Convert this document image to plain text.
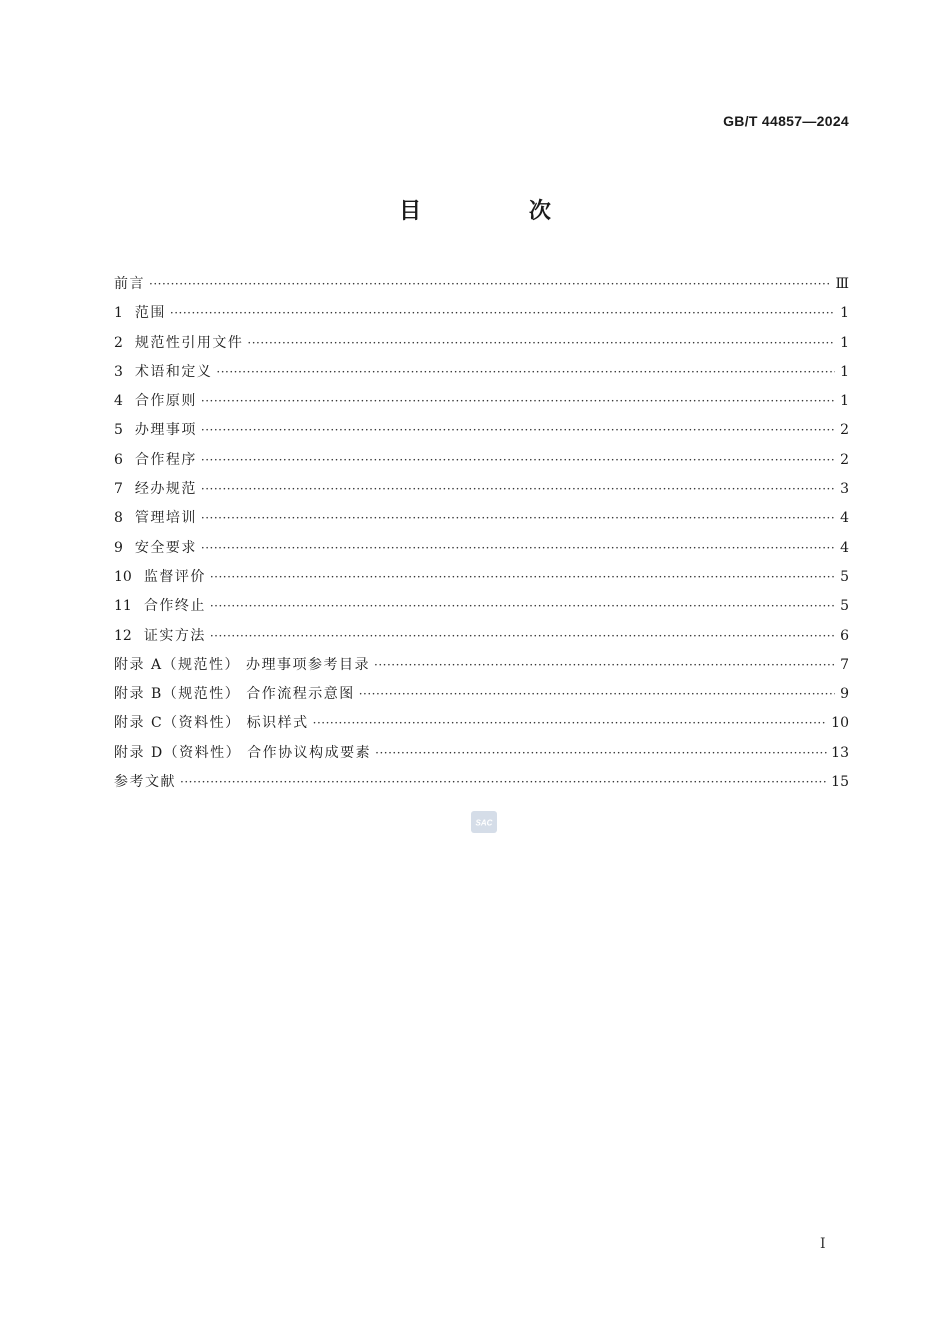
GB/T 44857—2024
目 次
前言 ·····	Ⅲ
1 范围 ·····	1
2 规范性引用文件 ·····	1
3 术语和定义 ·····	1
4 合作原则 ·····	1
5 办理事项 ·····	2
6 合作程序 ·····	2
7 经办规范 ·····	3
8 管理培训 ·····	4
9 安全要求 ·····	4
10 监督评价 ·····	5
11 合作终止 ·····	5
12 证实方法 ·····	6
附录 A（规范性） 办理事项参考目录 ·····	7
附录 B（规范性） 合作流程示意图 ·····	9
附录 C（资料性） 标识样式 ·····	10
附录 D（资料性） 合作协议构成要素 ·····	13
参考文献 ·····	15
SAC
I
